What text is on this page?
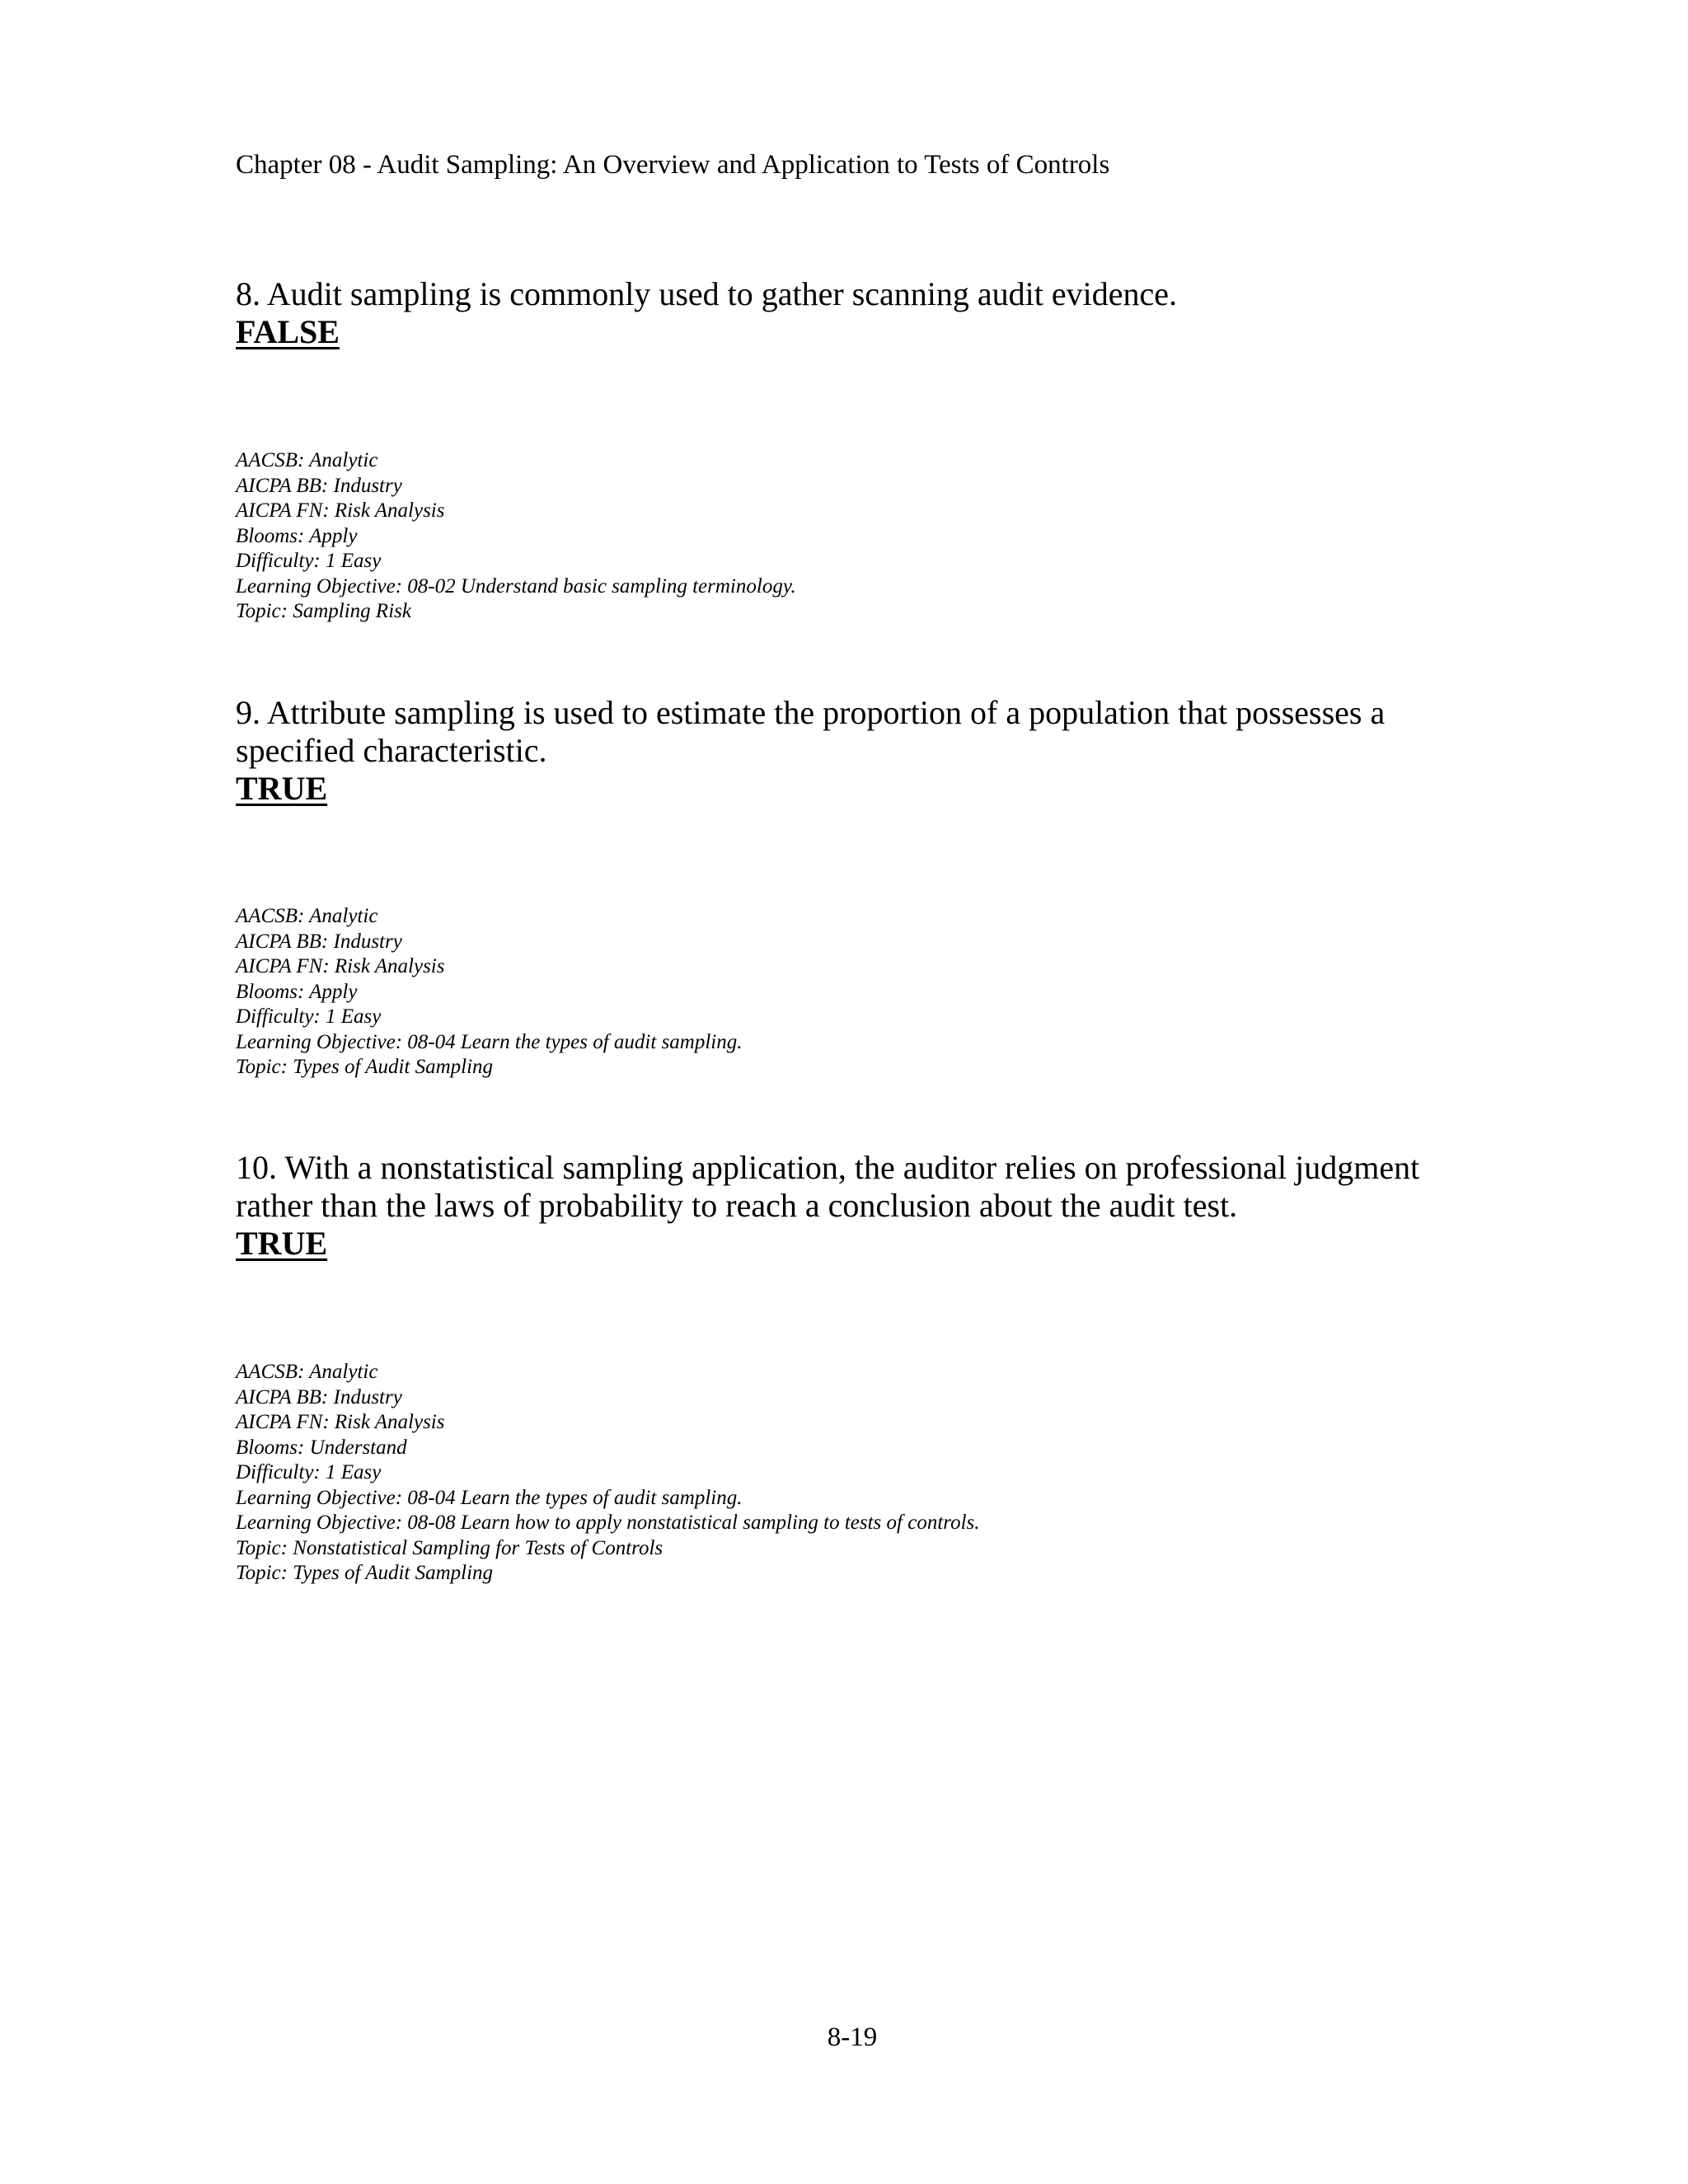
Chapter 08 - Audit Sampling: An Overview and Application to Tests of Controls

8. Audit sampling is commonly used to gather scanning audit evidence.

FALSE

AACSB: Analytic
AICPA BB: Industry
AICPA FN: Risk Analysis
Blooms: Apply
Difficulty: 1 Easy
Learning Objective: 08-02 Understand basic sampling terminology.
Topic: Sampling Risk

9. Attribute sampling is used to estimate the proportion of a population that possesses a specified characteristic.

TRUE

AACSB: Analytic
AICPA BB: Industry
AICPA FN: Risk Analysis
Blooms: Apply
Difficulty: 1 Easy
Learning Objective: 08-04 Learn the types of audit sampling.
Topic: Types of Audit Sampling

10. With a nonstatistical sampling application, the auditor relies on professional judgment rather than the laws of probability to reach a conclusion about the audit test.

TRUE

AACSB: Analytic
AICPA BB: Industry
AICPA FN: Risk Analysis
Blooms: Understand
Difficulty: 1 Easy
Learning Objective: 08-04 Learn the types of audit sampling.
Learning Objective: 08-08 Learn how to apply nonstatistical sampling to tests of controls.
Topic: Nonstatistical Sampling for Tests of Controls
Topic: Types of Audit Sampling
8-19
